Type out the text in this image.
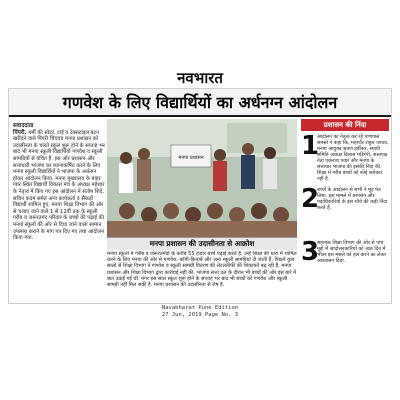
नवभारत
गणवेश के लिए विद्यार्थियों का अर्धनग्न आंदोलन
संवाददाता
पिंपरी. गर्मी की स्वेटर, टाई व टेक्सटाइल बटन खरीदने वाले पिंपरी चिंचवड मनपा प्रशासन को उदासीनता के चलते स्कूल शुरू होने के सप्ताह भर बाद भी मनपा स्कूली विद्यार्थियों गणवेश व स्कूली सामग्रियों से वंचित हैं. इस ओर प्रशासन और सत्ताधारी भाजपा का ध्यानाकर्षित करने के लिए मनपा स्कूली विद्यार्थियों ने भाजपा के अर्धनग्न होकर आंदोलन किया. मनपा मुख्यालय के बाहर ग्वार स्थित विद्यार्थी विकास मंच के अध्यक्ष महेश्वर के नेतृत्व में किए गए इस आंदोलन में संतोष शिंदे, सचिन कदम समेत अन्य कार्यकर्ता व सैकड़ों विद्यार्थी शामिल हुए. मनपा शिक्षा विभाग की ओर से चलाए जाने वाले 1 से 12वीं तक के स्कूली गरीब व जरूरतमंद परिवार के बच्चों की पढ़ाई की मनपा स्कूलों की ओर से दिया जाने वाला सामान उपलब्ध कराने के मांग पत्र दिए गए तथा आंदोलन किया गया.
मनपा प्रशासन
मनपा प्रशासन की उदासीनता से आक्रोश
मनपा स्कूलों में गरीब व जरूरतमंदों के करीब 55 हजार बच्चे पढ़ाई करते हैं. उन्हें शिक्षा की धारा में शामिल करने के लिए मनपा की ओर से गणवेश, कॉपी-किताबें और अन्य स्कूली सामग्रियां दी जाती हैं. पिछले कुछ सालों से शिक्षा विभाग ने गणवेश व स्कूली सामग्री वितरण की लेटलतीफी की शिकायतें बढ़ रही हैं. मनपा प्रशासन और शिक्षा विभाग द्वारा कार्रवाई नहीं की. भाजपा सत्ता दल के दौरान भी बच्चों की ओर इस बारे में बात उठाई गई थी. मगर इस साल स्कूल शुरू होने के सप्ताह भर बाद भी बच्चों को गणवेश और स्कूली सामग्री नहीं मिल सकी है. मनपा प्रशासन की उदासीनता से रोष है.
प्रशासन की निंदा
1
आंदोलन का नेतृत्व कर रहे पाणपाल समस्ते ने कहा कि, महापौर राहुल जाधव, मनपा आयुक्त श्रवण हर्डीकर, स्थायी समिति अध्यक्ष विलास मडिगेरी, सत्तापक्ष नेता एकनाथ पवार और मनपा के सत्ताधार भाजपा की इसकी निंदा की. शिक्षा में गरीब बच्चों को कोई सरोकार नहीं है.
2
बच्चों के आंदोलन से सभी ने मुंह फेर लिया. इस मामले में प्रशासन और पदाधिकारियों के इस रवैये की कड़ी निंदा करते हैं.
3
सहायक शिक्षा विभाग की ओर से पांच मुद्दों में आंदोलनकारियों को आठ दिन में भीतर इस मसले को हल करने का लेकर आश्वासन दिया.
Navabharat Pune Edition
27 Jun, 2019 Page No. 3
